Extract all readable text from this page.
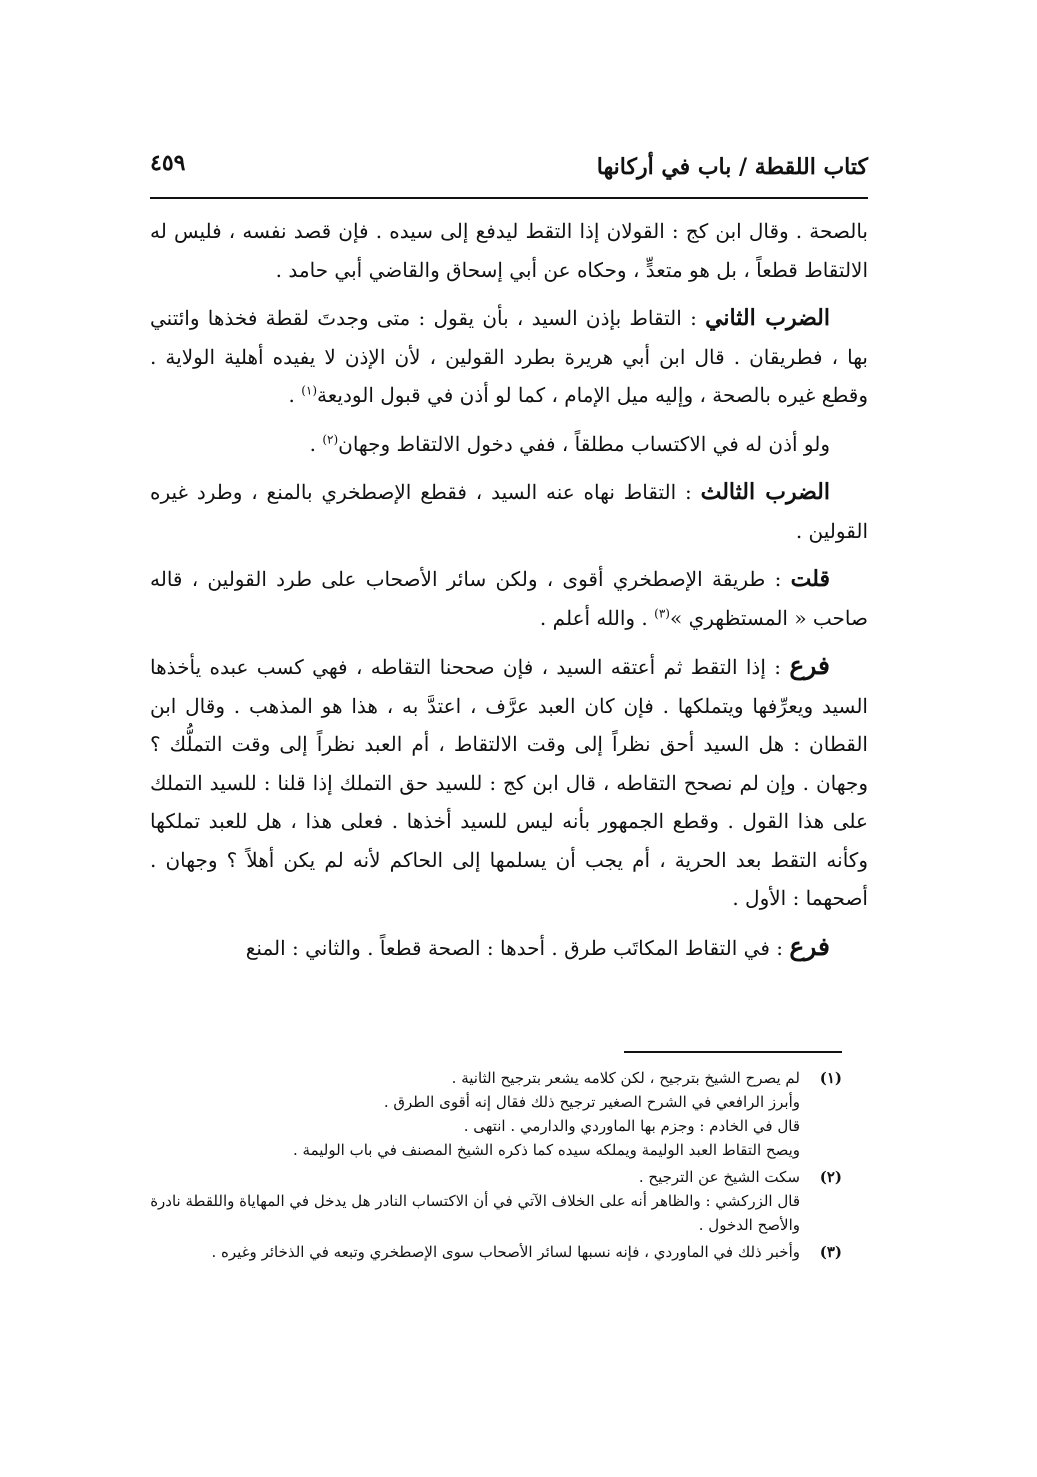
كتاب اللقطة / باب في أركانها
٤٥٩

بالصحة . وقال ابن كج : القولان إذا التقط ليدفع إلى سيده . فإن قصد نفسه ، فليس له الالتقاط قطعاً ، بل هو متعدٍّ ، وحكاه عن أبي إسحاق والقاضي أبي حامد .

الضرب الثاني : التقاط بإذن السيد ، بأن يقول : متى وجدتَ لقطة فخذها وائتني بها ، فطريقان . قال ابن أبي هريرة بطرد القولين ، لأن الإذن لا يفيده أهلية الولاية . وقطع غيره بالصحة ، وإليه ميل الإمام ، كما لو أذن في قبول الوديعة$^{(١)}$ .

ولو أذن له في الاكتساب مطلقاً ، ففي دخول الالتقاط وجهان$^{(٢)}$ .

الضرب الثالث : التقاط نهاه عنه السيد ، فقطع الإصطخري بالمنع ، وطرد غيره القولين .

قلت : طريقة الإصطخري أقوى ، ولكن سائر الأصحاب على طرد القولين ، قاله صاحب « المستظهري »$^{(٣)}$ . والله أعلم .

فرع : إذا التقط ثم أعتقه السيد ، فإن صححنا التقاطه ، فهي كسب عبده يأخذها السيد ويعرِّفها ويتملكها . فإن كان العبد عرَّف ، اعتدَّ به ، هذا هو المذهب . وقال ابن القطان : هل السيد أحق نظراً إلى وقت الالتقاط ، أم العبد نظراً إلى وقت التملُّك ؟ وجهان . وإن لم نصحح التقاطه ، قال ابن كج : للسيد حق التملك إذا قلنا : للسيد التملك على هذا القول . وقطع الجمهور بأنه ليس للسيد أخذها . فعلى هذا ، هل للعبد تملكها وكأنه التقط بعد الحرية ، أم يجب أن يسلمها إلى الحاكم لأنه لم يكن أهلاً ؟ وجهان . أصحهما : الأول .

فرع : في التقاط المكاتَب طرق . أحدها : الصحة قطعاً . والثاني : المنع

(١)
لم يصرح الشيخ بترجيح ، لكن كلامه يشعر بترجيح الثانية .
وأبرز الرافعي في الشرح الصغير ترجيح ذلك فقال إنه أقوى الطرق .
قال في الخادم : وجزم بها الماوردي والدارمي . انتهى .
ويصح التقاط العبد الوليمة ويملكه سيده كما ذكره الشيخ المصنف في باب الوليمة .
(٢)
سكت الشيخ عن الترجيح .
قال الزركشي : والظاهر أنه على الخلاف الآتي في أن الاكتساب النادر هل يدخل في المهاياة واللقطة نادرة والأصح الدخول .
(٣)
وأخبر ذلك في الماوردي ، فإنه نسبها لسائر الأصحاب سوى الإصطخري وتبعه في الذخائر وغيره .
